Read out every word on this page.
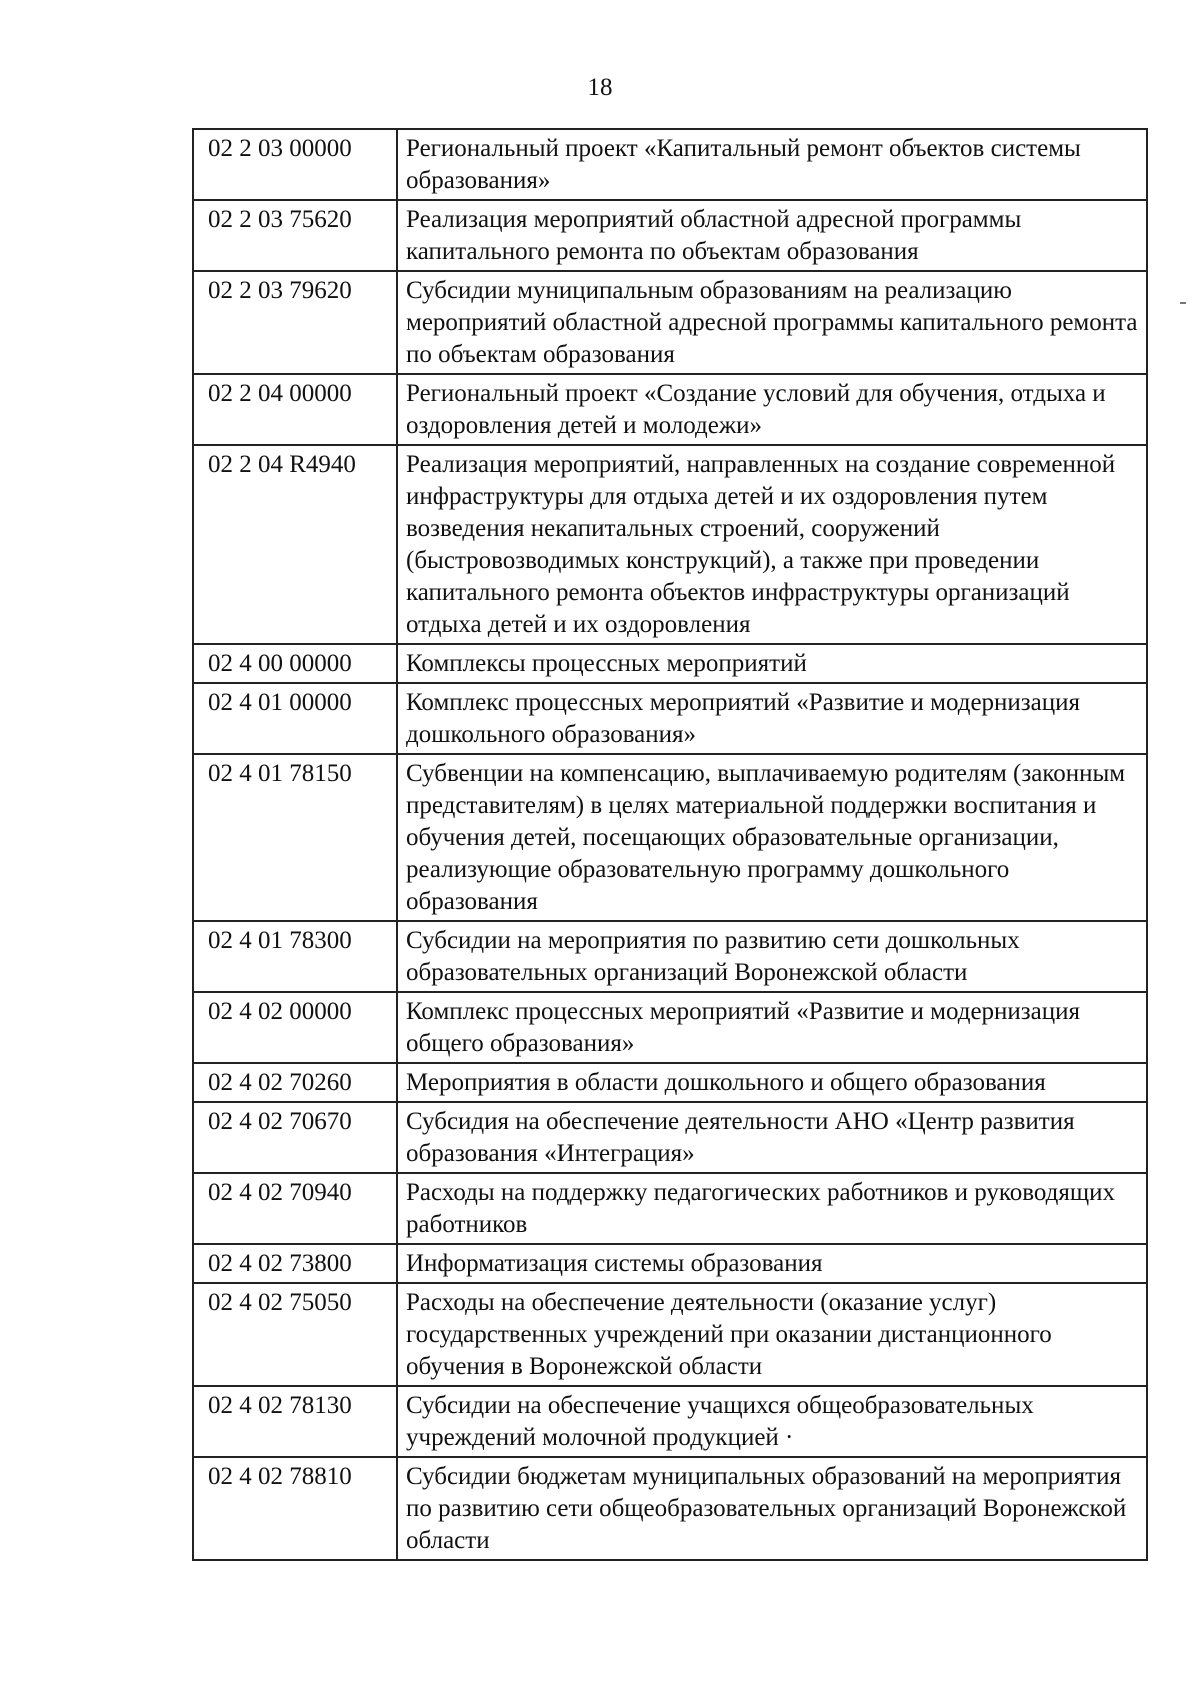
18
02 2 03 00000	Региональный проект «Капитальный ремонт объектов системы образования»
02 2 03 75620	Реализация мероприятий областной адресной программы капитального ремонта по объектам образования
02 2 03 79620	Субсидии муниципальным образованиям на реализацию мероприятий областной адресной программы капитального ремонта по объектам образования
02 2 04 00000	Региональный проект «Создание условий для обучения, отдыха и оздоровления детей и молодежи»
02 2 04 R4940	Реализация мероприятий, направленных на создание современной инфраструктуры для отдыха детей и их оздоровления путем возведения некапитальных строений, сооружений (быстровозводимых конструкций), а также при проведении капитального ремонта объектов инфраструктуры организаций отдыха детей и их оздоровления
02 4 00 00000	Комплексы процессных мероприятий
02 4 01 00000	Комплекс процессных мероприятий «Развитие и модернизация дошкольного образования»
02 4 01 78150	Субвенции на компенсацию, выплачиваемую родителям (законным представителям) в целях материальной поддержки воспитания и обучения детей, посещающих образовательные организации, реализующие образовательную программу дошкольного образования
02 4 01 78300	Субсидии на мероприятия по развитию сети дошкольных образовательных организаций Воронежской области
02 4 02 00000	Комплекс процессных мероприятий «Развитие и модернизация общего образования»
02 4 02 70260	Мероприятия в области дошкольного и общего образования
02 4 02 70670	Субсидия на обеспечение деятельности АНО «Центр развития образования «Интеграция»
02 4 02 70940	Расходы на поддержку педагогических работников и руководящих работников
02 4 02 73800	Информатизация системы образования
02 4 02 75050	Расходы на обеспечение деятельности (оказание услуг) государственных учреждений при оказании дистанционного обучения в Воронежской области
02 4 02 78130	Субсидии на обеспечение учащихся общеобразовательных учреждений молочной продукцией ·
02 4 02 78810	Субсидии бюджетам муниципальных образований на мероприятия по развитию сети общеобразовательных организаций Воронежской области
